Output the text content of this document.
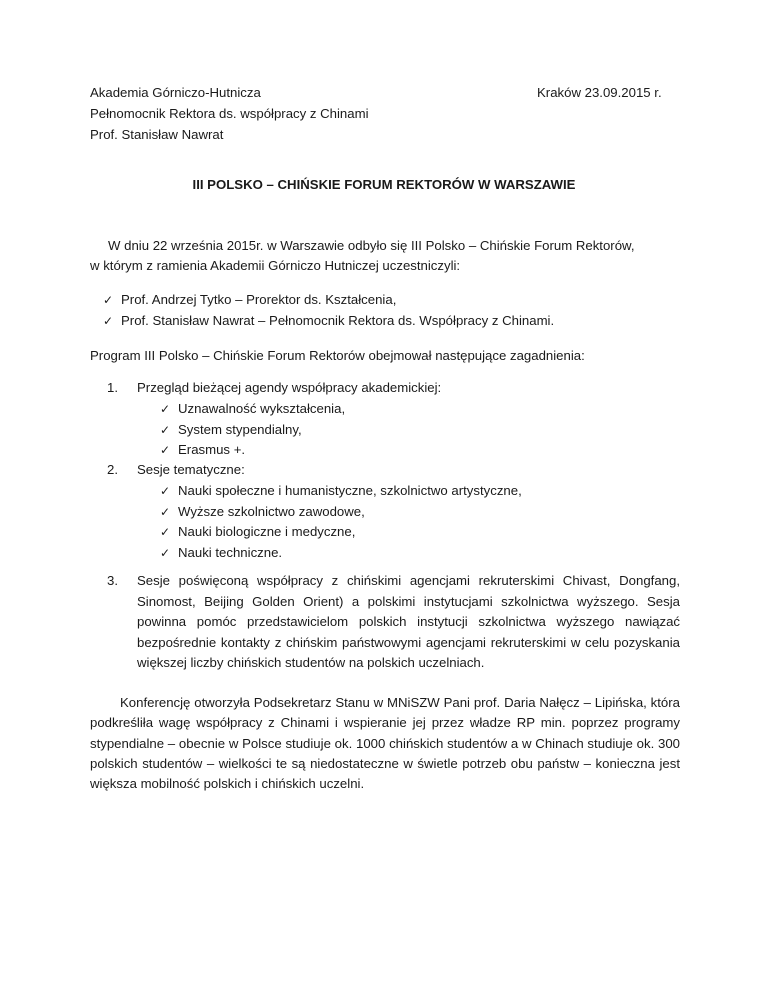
Akademia Górniczo-Hutnicza
Pełnomocnik Rektora ds. współpracy z Chinami
Prof. Stanisław Nawrat
Kraków 23.09.2015 r.
III POLSKO – CHIŃSKIE FORUM REKTORÓW W WARSZAWIE
W dniu 22 września 2015r. w Warszawie odbyło się III Polsko – Chińskie Forum Rektorów,
w którym z ramienia Akademii Górniczo Hutniczej uczestniczyli:
✓ Prof. Andrzej Tytko – Prorektor ds. Kształcenia,
✓ Prof. Stanisław Nawrat – Pełnomocnik Rektora ds. Współpracy z Chinami.
Program III Polsko – Chińskie Forum Rektorów obejmował następujące zagadnienia:
1.	Przegląd bieżącej agendy współpracy akademickiej:
✓ Uznawalność wykształcenia,
✓ System stypendialny,
✓ Erasmus +.
2.	Sesje tematyczne:
✓ Nauki społeczne i humanistyczne, szkolnictwo artystyczne,
✓ Wyższe szkolnictwo zawodowe,
✓ Nauki biologiczne i medyczne,
✓ Nauki techniczne.
3.	Sesje poświęconą współpracy z chińskimi agencjami rekruterskimi Chivast, Dongfang, Sinomost, Beijing Golden Orient) a polskimi instytucjami szkolnictwa wyższego. Sesja powinna pomóc przedstawicielom polskich instytucji szkolnictwa wyższego nawiązać bezpośrednie kontakty z chińskim państwowymi agencjami rekruterskimi w celu pozyskania większej liczby chińskich studentów na polskich uczelniach.
Konferencję otworzyła Podsekretarz Stanu w MNiSZW Pani prof. Daria Nałęcz – Lipińska, która podkreśliła wagę współpracy z Chinami i wspieranie jej przez władze RP min. poprzez programy stypendialne – obecnie w Polsce studiuje ok. 1000 chińskich studentów a w Chinach studiuje ok. 300 polskich studentów – wielkości te są niedostateczne w świetle potrzeb obu państw – konieczna jest większa mobilność polskich i chińskich uczelni.
